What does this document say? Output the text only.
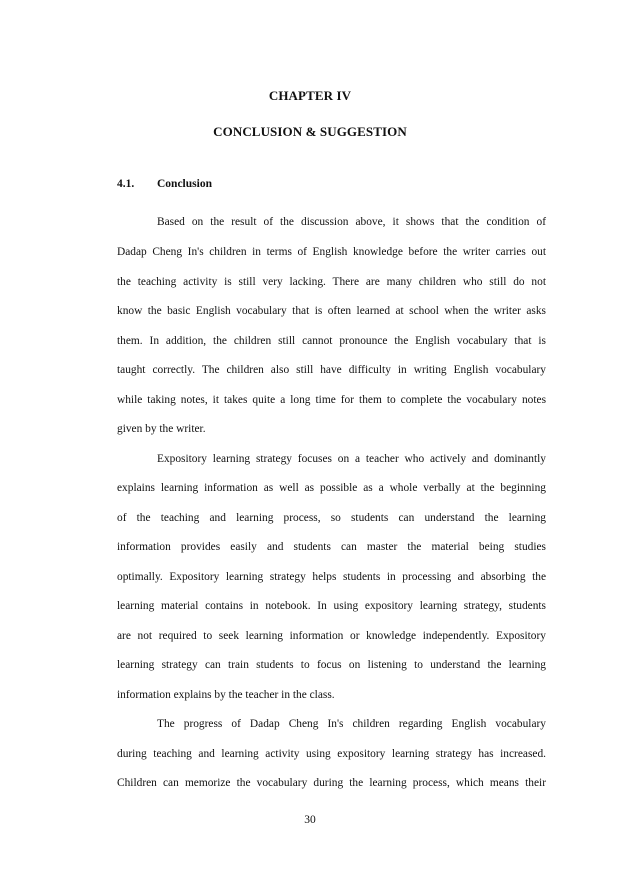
CHAPTER IV
CONCLUSION & SUGGESTION
4.1.	Conclusion
Based on the result of the discussion above, it shows that the condition of
Dadap Cheng In's children in terms of English knowledge before the writer carries out
the teaching activity is still very lacking. There are many children who still do not
know the basic English vocabulary that is often learned at school when the writer asks
them. In addition, the children still cannot pronounce the English vocabulary that is
taught correctly. The children also still have difficulty in writing English vocabulary
while taking notes, it takes quite a long time for them to complete the vocabulary notes
given by the writer.
Expository learning strategy focuses on a teacher who actively and dominantly
explains learning information as well as possible as a whole verbally at the beginning
of the teaching and learning process, so students can understand the learning
information provides easily and students can master the material being studies
optimally. Expository learning strategy helps students in processing and absorbing the
learning material contains in notebook. In using expository learning strategy, students
are not required to seek learning information or knowledge independently. Expository
learning strategy can train students to focus on listening to understand the learning
information explains by the teacher in the class.
The progress of Dadap Cheng In's children regarding English vocabulary
during teaching and learning activity using expository learning strategy has increased.
Children can memorize the vocabulary during the learning process, which means their
30
